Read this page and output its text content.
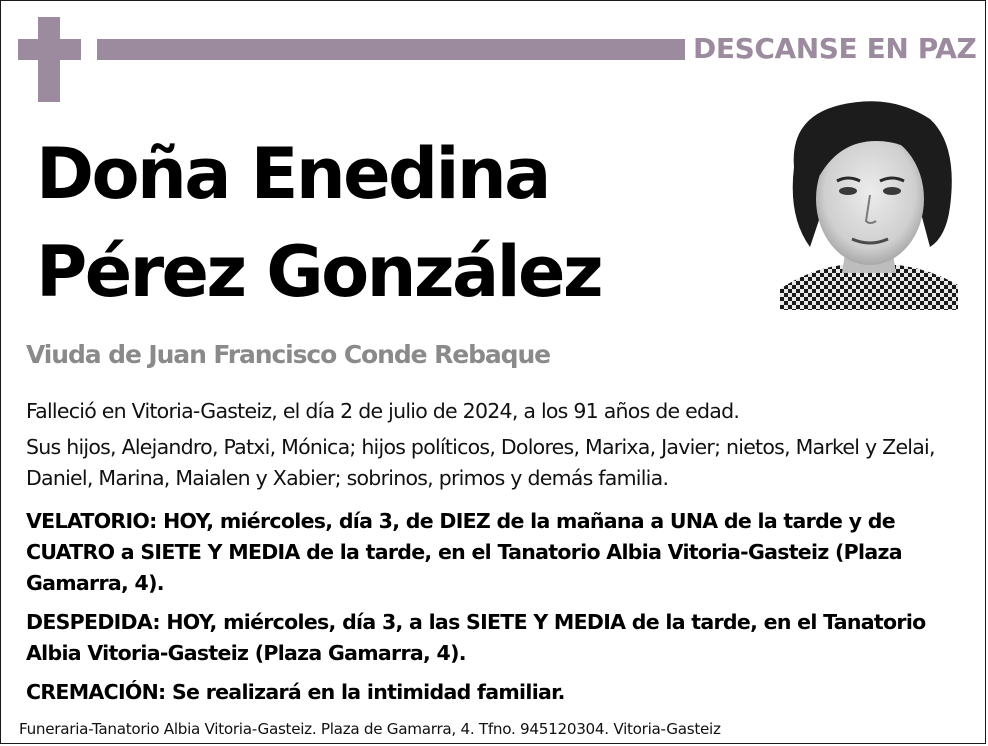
DESCANSE EN PAZ
Doña Enedina
Pérez González
Viuda de Juan Francisco Conde Rebaque
Falleció en Vitoria-Gasteiz, el día 2 de julio de 2024, a los 91 años de edad.
Sus hijos, Alejandro, Patxi, Mónica; hijos políticos, Dolores, Marixa, Javier; nietos, Markel y Zelai, Daniel, Marina, Maialen y Xabier; sobrinos, primos y demás familia.
VELATORIO: HOY, miércoles, día 3, de DIEZ de la mañana a UNA de la tarde y de CUATRO a SIETE Y MEDIA de la tarde, en el Tanatorio Albia Vitoria-Gasteiz (Plaza Gamarra, 4).
DESPEDIDA: HOY, miércoles, día 3, a las SIETE Y MEDIA de la tarde, en el Tanatorio Albia Vitoria-Gasteiz (Plaza Gamarra, 4).
CREMACIÓN: Se realizará en la intimidad familiar.
Funeraria-Tanatorio Albia Vitoria-Gasteiz. Plaza de Gamarra, 4. Tfno. 945120304. Vitoria-Gasteiz
